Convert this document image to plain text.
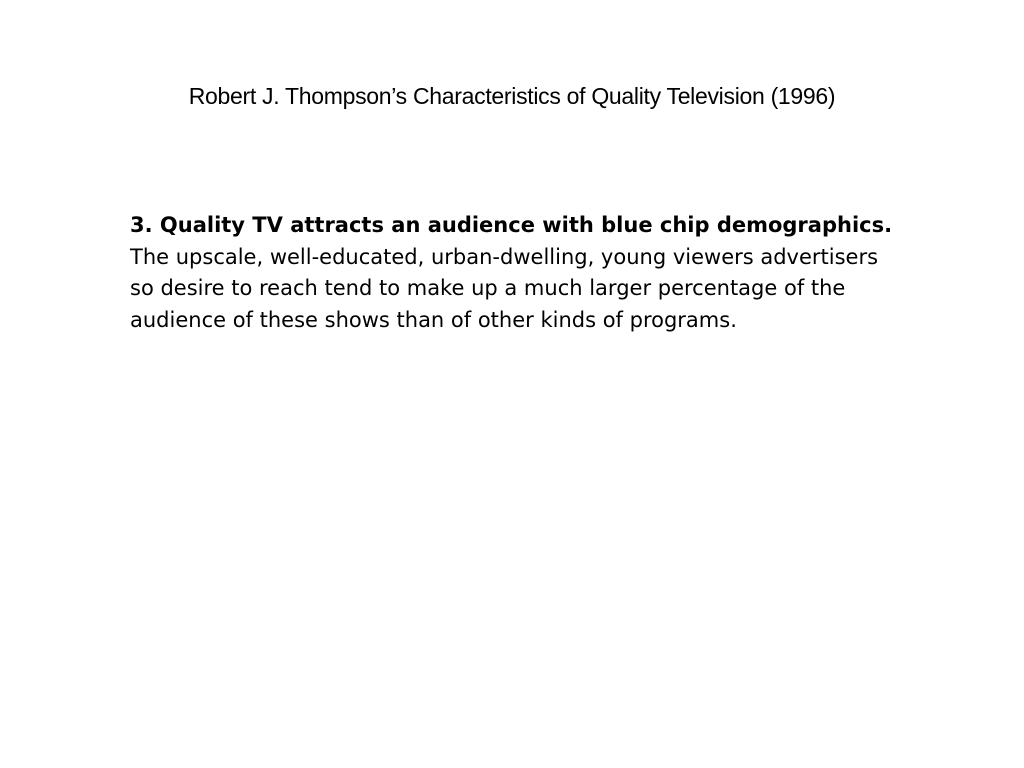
Robert J. Thompson’s Characteristics of Quality Television (1996)

3. Quality TV attracts an audience with blue chip demographics. The upscale, well-educated, urban-dwelling, young viewers advertisers so desire to reach tend to make up a much larger percentage of the audience of these shows than of other kinds of programs.
